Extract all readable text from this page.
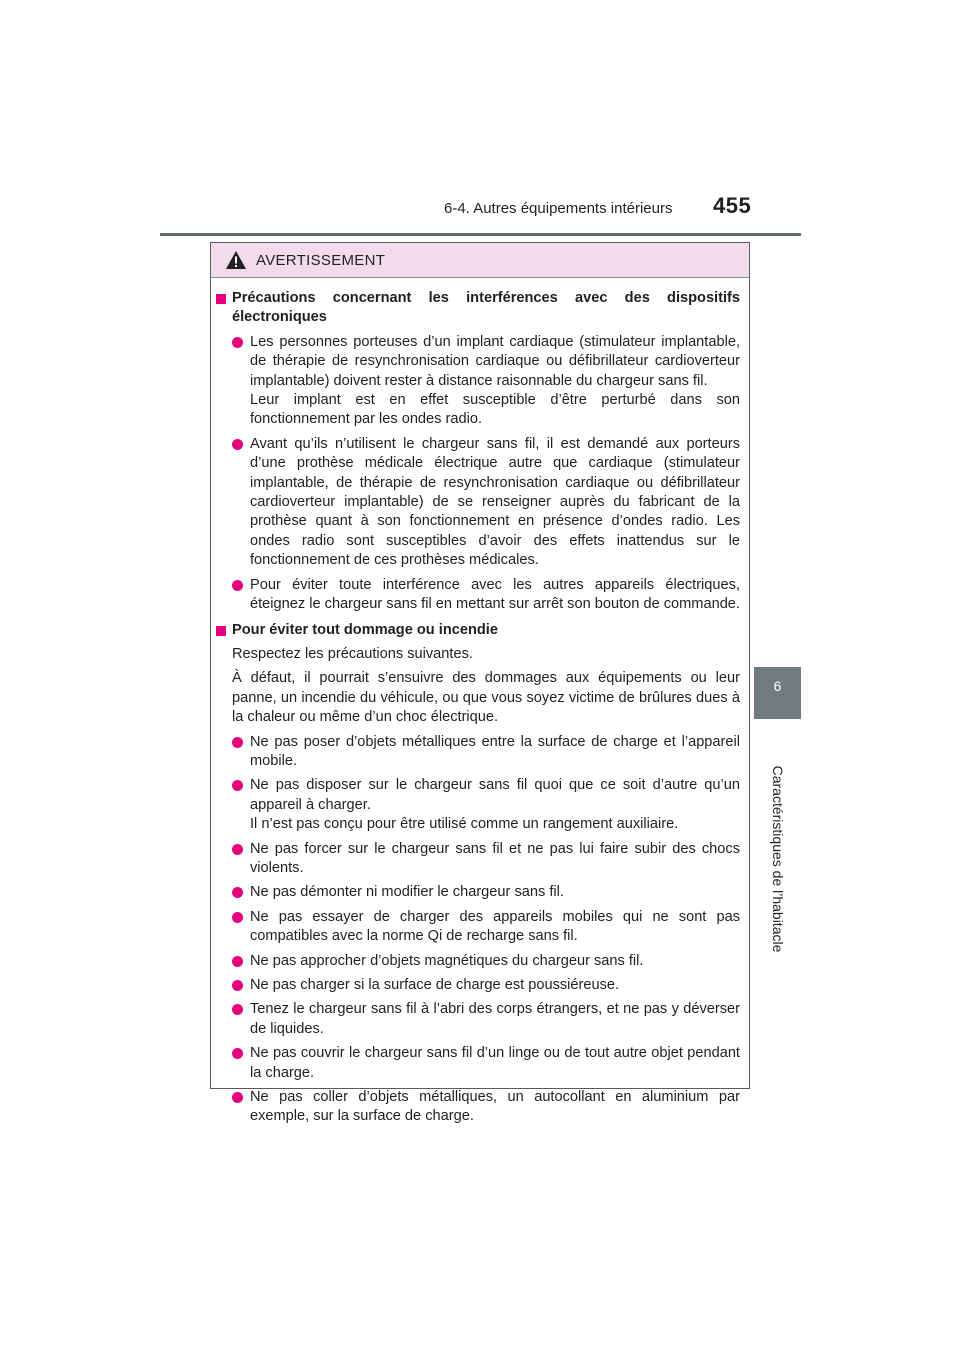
6-4. Autres équipements intérieurs 455
6
Caractéristiques de l’habitacle
AVERTISSEMENT
Précautions concernant les interférences avec des dispositifs électroniques
Les personnes porteuses d’un implant cardiaque (stimulateur implantable, de thérapie de resynchronisation cardiaque ou défibrillateur cardioverteur implantable) doivent rester à distance raisonnable du chargeur sans fil.
Leur implant est en effet susceptible d’être perturbé dans son fonctionnement par les ondes radio.
Avant qu’ils n’utilisent le chargeur sans fil, il est demandé aux porteurs d’une prothèse médicale électrique autre que cardiaque (stimulateur implantable, de thérapie de resynchronisation cardiaque ou défibrillateur cardioverteur implantable) de se renseigner auprès du fabricant de la prothèse quant à son fonctionnement en présence d’ondes radio. Les ondes radio sont susceptibles d’avoir des effets inattendus sur le fonctionnement de ces prothèses médicales.
Pour éviter toute interférence avec les autres appareils électriques, éteignez le chargeur sans fil en mettant sur arrêt son bouton de commande.
Pour éviter tout dommage ou incendie
Respectez les précautions suivantes.
À défaut, il pourrait s’ensuivre des dommages aux équipements ou leur panne, un incendie du véhicule, ou que vous soyez victime de brûlures dues à la chaleur ou même d’un choc électrique.
Ne pas poser d’objets métalliques entre la surface de charge et l’appareil mobile.
Ne pas disposer sur le chargeur sans fil quoi que ce soit d’autre qu’un appareil à charger.
Il n’est pas conçu pour être utilisé comme un rangement auxiliaire.
Ne pas forcer sur le chargeur sans fil et ne pas lui faire subir des chocs violents.
Ne pas démonter ni modifier le chargeur sans fil.
Ne pas essayer de charger des appareils mobiles qui ne sont pas compatibles avec la norme Qi de recharge sans fil.
Ne pas approcher d’objets magnétiques du chargeur sans fil.
Ne pas charger si la surface de charge est poussiéreuse.
Tenez le chargeur sans fil à l’abri des corps étrangers, et ne pas y déverser de liquides.
Ne pas couvrir le chargeur sans fil d’un linge ou de tout autre objet pendant la charge.
Ne pas coller d’objets métalliques, un autocollant en aluminium par exemple, sur la surface de charge.
